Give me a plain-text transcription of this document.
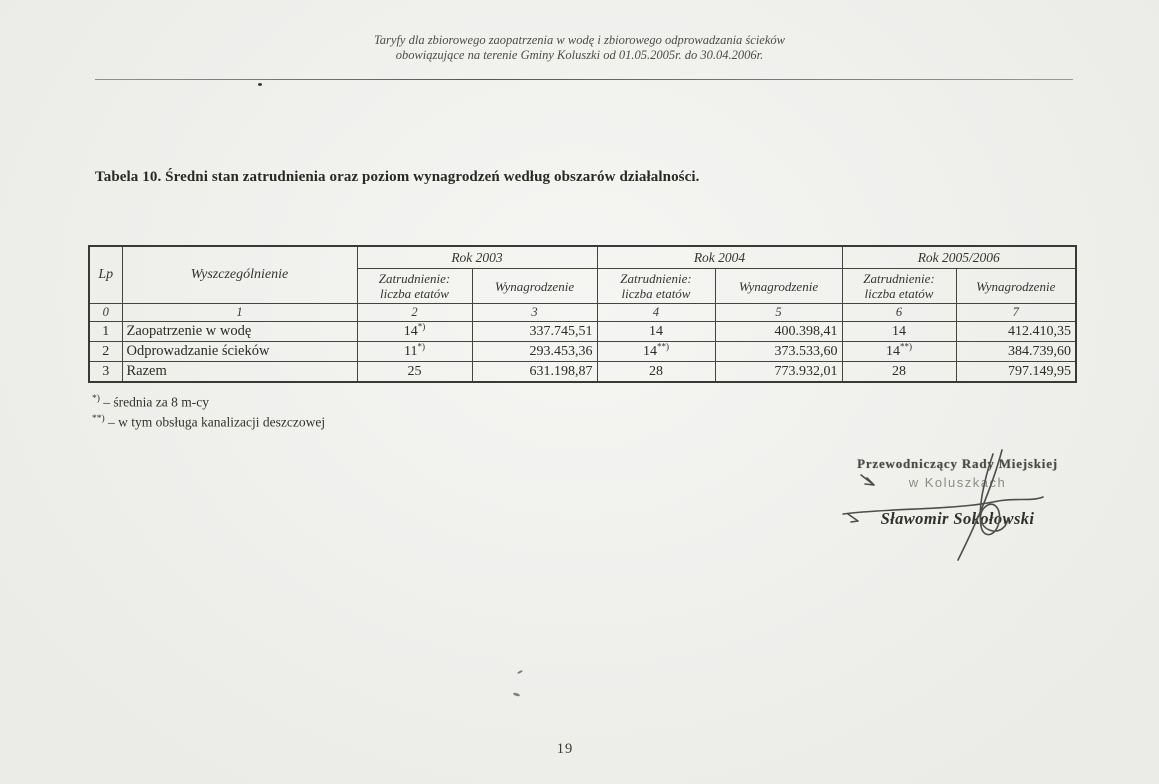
Taryfy dla zbiorowego zaopatrzenia w wodę i zbiorowego odprowadzania ścieków
obowiązujące na terenie Gminy Koluszki od 01.05.2005r. do 30.04.2006r.
Tabela 10. Średni stan zatrudnienia oraz poziom wynagrodzeń według obszarów działalności.
Lp	Wyszczególnienie	Rok 2003		Rok 2004		Rok 2005/2006	
		Zatrudnienie:
liczba etatów	Wynagrodzenie	Zatrudnienie:
liczba etatów	Wynagrodzenie	Zatrudnienie:
liczba etatów	Wynagrodzenie
0	1	2	3	4	5	6	7
1	Zaopatrzenie w wodę	14*)	337.745,51	14	400.398,41	14	412.410,35
2	Odprowadzanie ścieków	11*)	293.453,36	14**)	373.533,60	14**)	384.739,60
3	Razem	25	631.198,87	28	773.932,01	28	797.149,95
*) – średnia za 8 m-cy
**) – w tym obsługa kanalizacji deszczowej
Przewodniczący Rady Miejskiej
w Koluszkach
Sławomir Sokołowski
19
